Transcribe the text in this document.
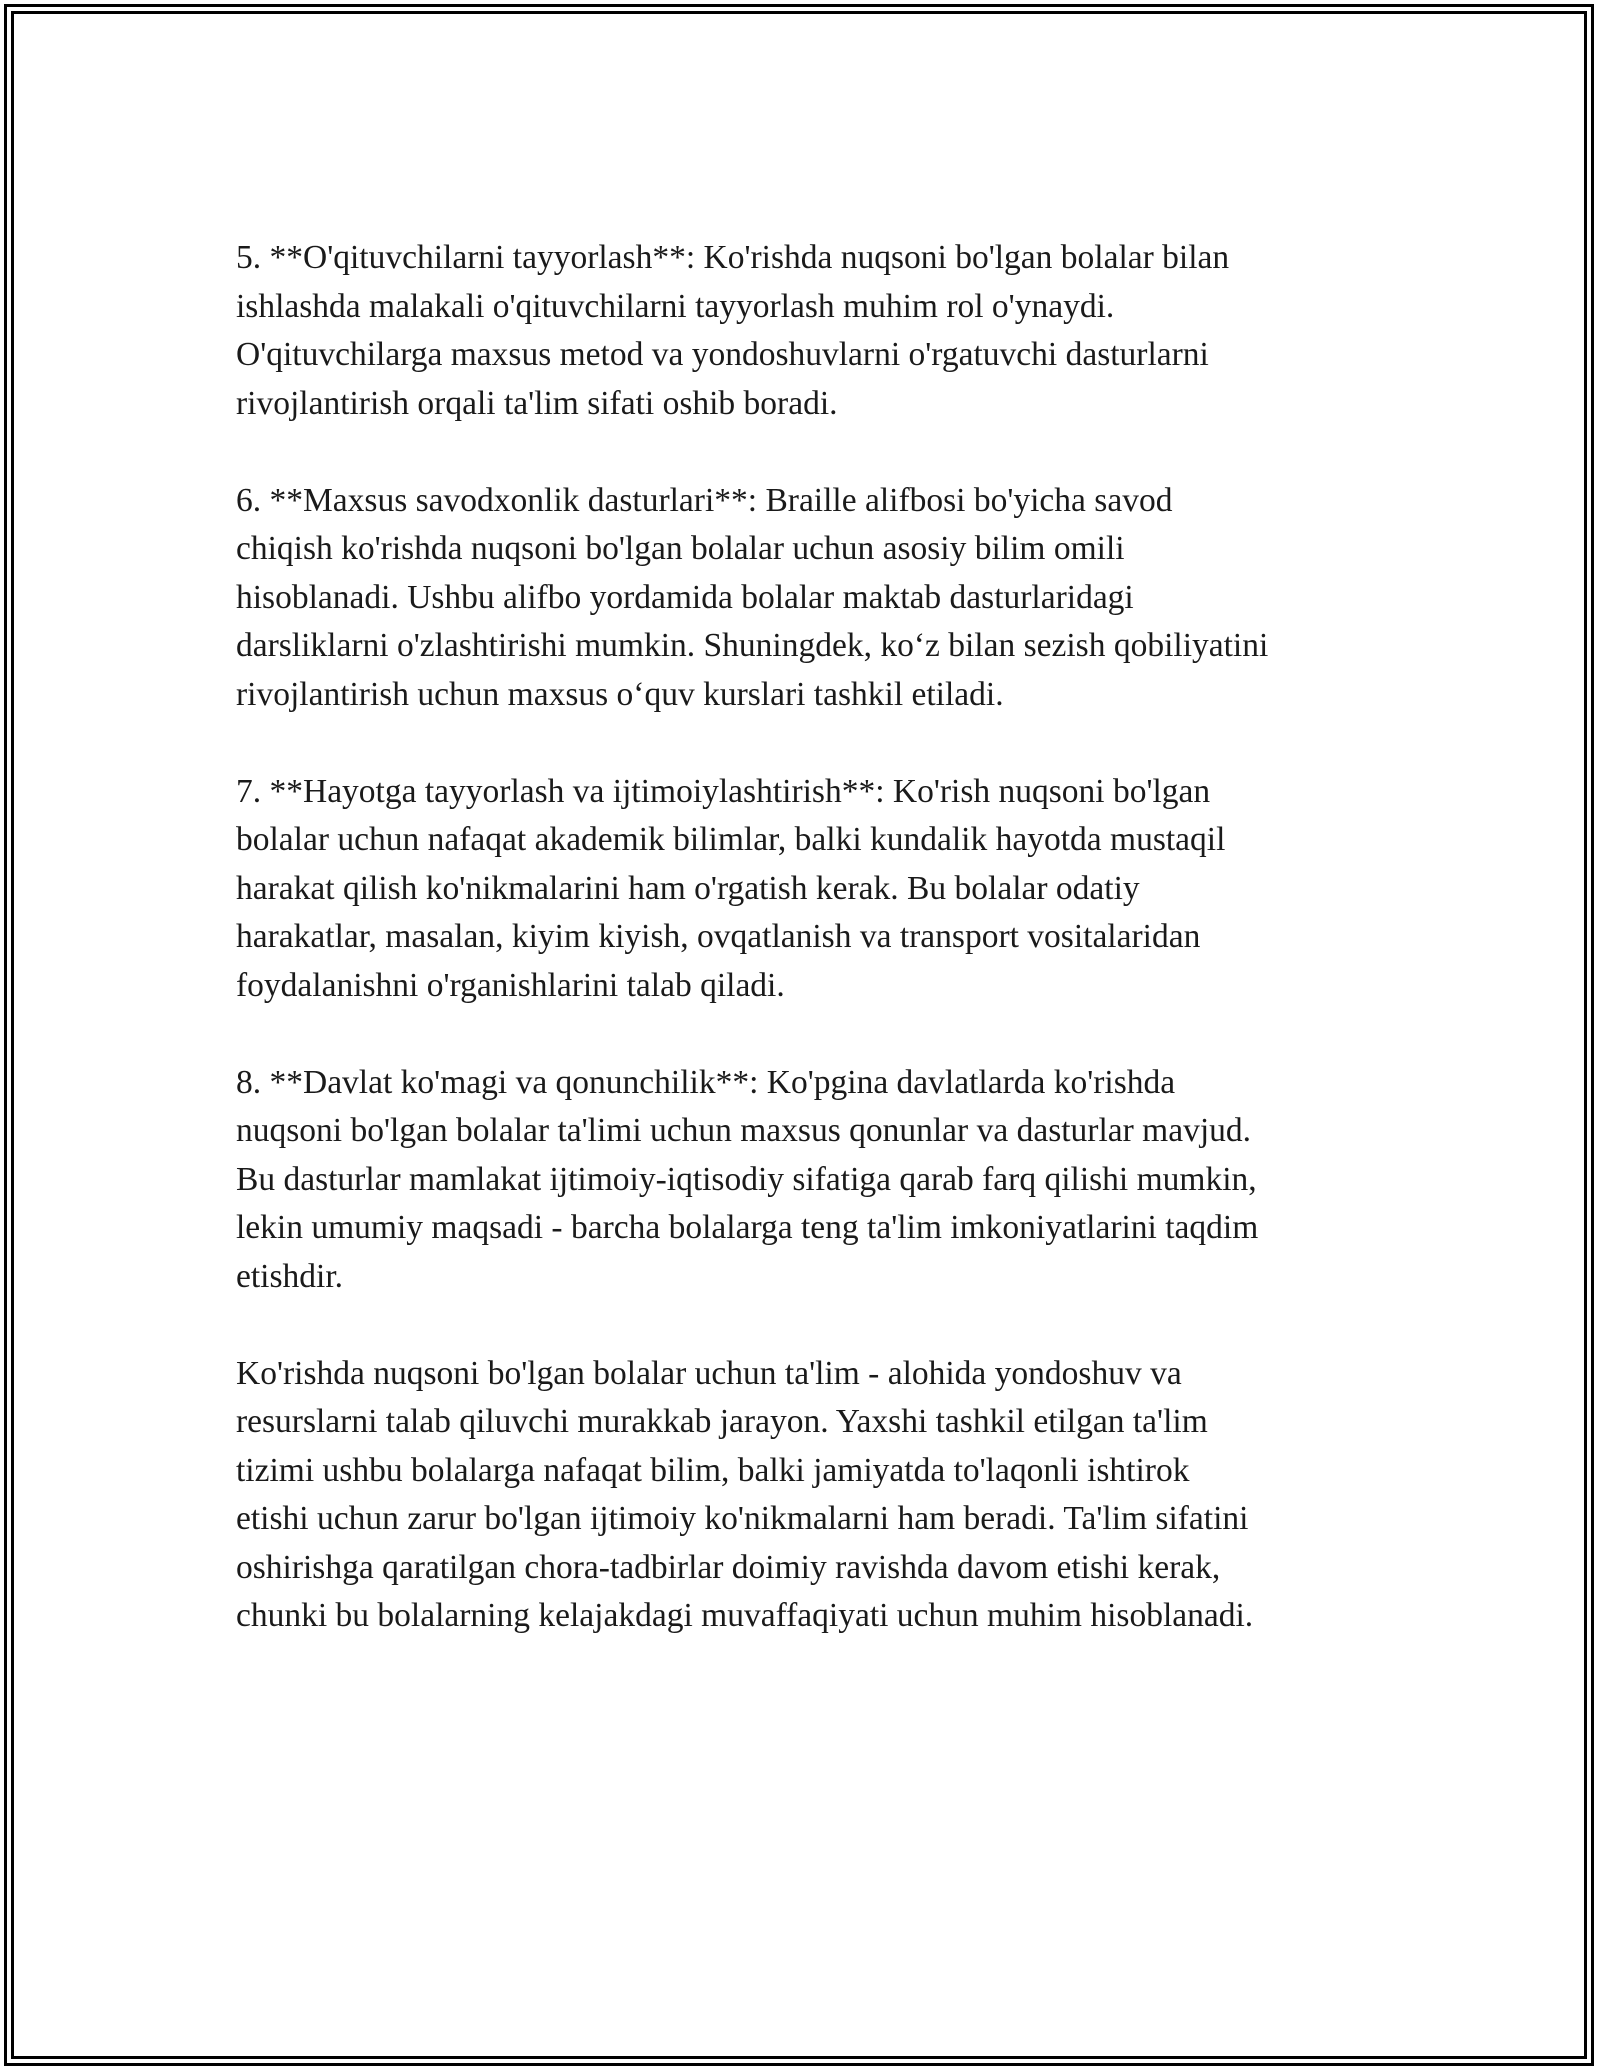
5. **O'qituvchilarni tayyorlash**: Ko'rishda nuqsoni bo'lgan bolalar bilan
ishlashda malakali o'qituvchilarni tayyorlash muhim rol o'ynaydi.
O'qituvchilarga maxsus metod va yondoshuvlarni o'rgatuvchi dasturlarni
rivojlantirish orqali ta'lim sifati oshib boradi.

6. **Maxsus savodxonlik dasturlari**: Braille alifbosi bo'yicha savod
chiqish ko'rishda nuqsoni bo'lgan bolalar uchun asosiy bilim omili
hisoblanadi. Ushbu alifbo yordamida bolalar maktab dasturlaridagi
darsliklarni o'zlashtirishi mumkin. Shuningdek, koʻz bilan sezish qobiliyatini
rivojlantirish uchun maxsus oʻquv kurslari tashkil etiladi.

7. **Hayotga tayyorlash va ijtimoiylashtirish**: Ko'rish nuqsoni bo'lgan
bolalar uchun nafaqat akademik bilimlar, balki kundalik hayotda mustaqil
harakat qilish ko'nikmalarini ham o'rgatish kerak. Bu bolalar odatiy
harakatlar, masalan, kiyim kiyish, ovqatlanish va transport vositalaridan
foydalanishni o'rganishlarini talab qiladi.

8. **Davlat ko'magi va qonunchilik**: Ko'pgina davlatlarda ko'rishda
nuqsoni bo'lgan bolalar ta'limi uchun maxsus qonunlar va dasturlar mavjud.
Bu dasturlar mamlakat ijtimoiy-iqtisodiy sifatiga qarab farq qilishi mumkin,
lekin umumiy maqsadi - barcha bolalarga teng ta'lim imkoniyatlarini taqdim
etishdir.

Ko'rishda nuqsoni bo'lgan bolalar uchun ta'lim - alohida yondoshuv va
resurslarni talab qiluvchi murakkab jarayon. Yaxshi tashkil etilgan ta'lim
tizimi ushbu bolalarga nafaqat bilim, balki jamiyatda to'laqonli ishtirok
etishi uchun zarur bo'lgan ijtimoiy ko'nikmalarni ham beradi. Ta'lim sifatini
oshirishga qaratilgan chora-tadbirlar doimiy ravishda davom etishi kerak,
chunki bu bolalarning kelajakdagi muvaffaqiyati uchun muhim hisoblanadi.
